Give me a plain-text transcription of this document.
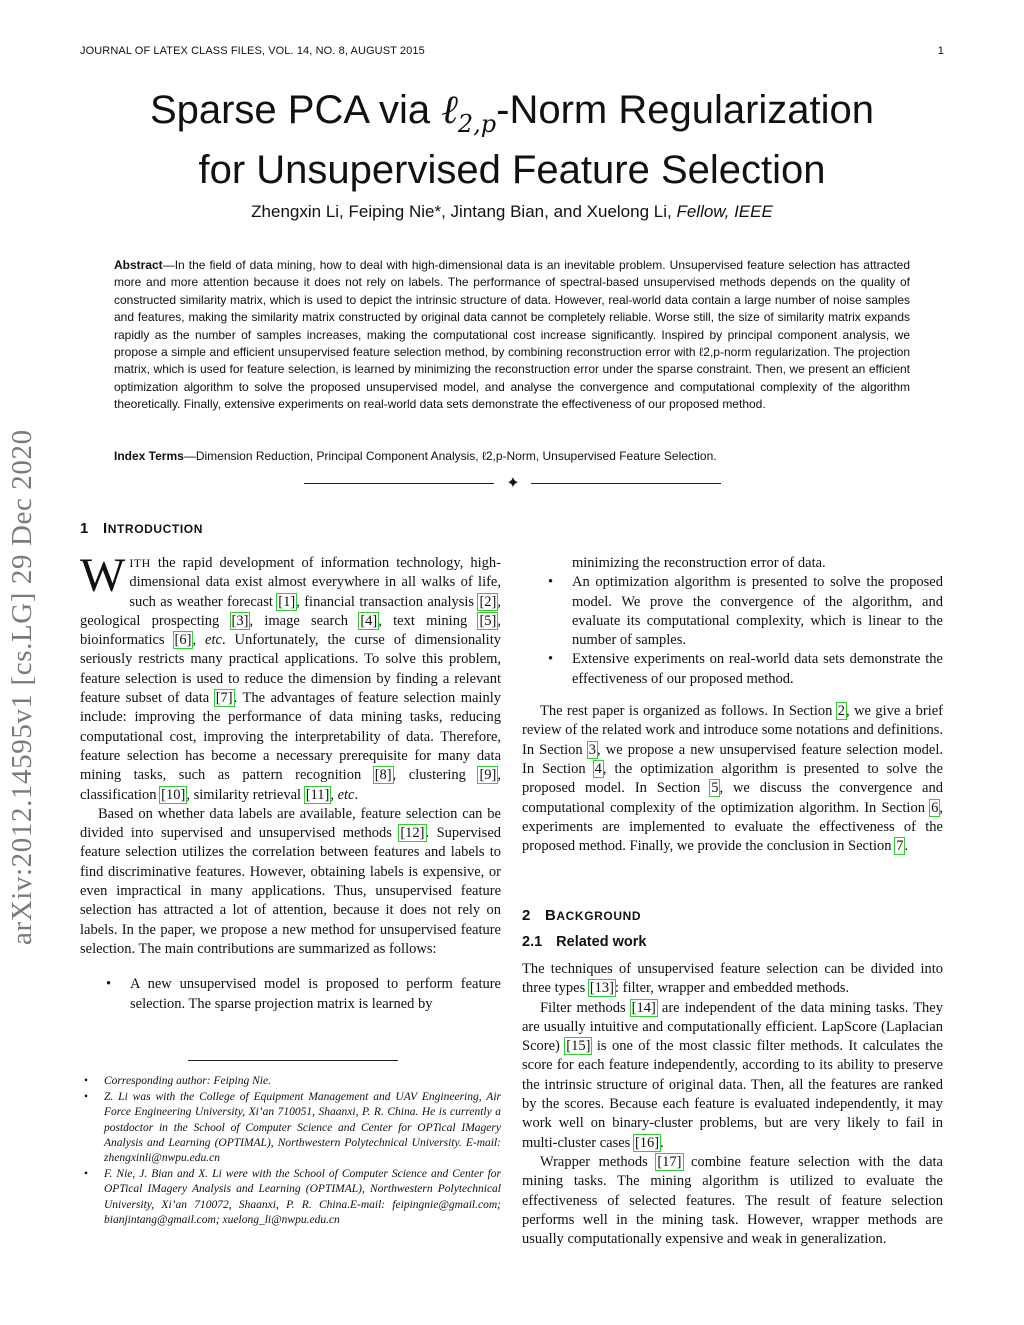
JOURNAL OF LATEX CLASS FILES, VOL. 14, NO. 8, AUGUST 2015	1
arXiv:2012.14595v1 [cs.LG] 29 Dec 2020
Sparse PCA via ℓ$_{2,p}$-Norm Regularization
for Unsupervised Feature Selection
Zhengxin Li, Feiping Nie*, Jintang Bian, and Xuelong Li, Fellow, IEEE

Abstract—In the field of data mining, how to deal with high-dimensional data is an inevitable problem. Unsupervised feature selection has attracted more and more attention because it does not rely on labels. The performance of spectral-based unsupervised methods depends on the quality of constructed similarity matrix, which is used to depict the intrinsic structure of data. However, real-world data contain a large number of noise samples and features, making the similarity matrix constructed by original data cannot be completely reliable. Worse still, the size of similarity matrix expands rapidly as the number of samples increases, making the computational cost increase significantly. Inspired by principal component analysis, we propose a simple and efficient unsupervised feature selection method, by combining reconstruction error with ℓ2,p-norm regularization. The projection matrix, which is used for feature selection, is learned by minimizing the reconstruction error under the sparse constraint. Then, we present an efficient optimization algorithm to solve the proposed unsupervised model, and analyse the convergence and computational complexity of the algorithm theoretically. Finally, extensive experiments on real-world data sets demonstrate the effectiveness of our proposed method.

Index Terms—Dimension Reduction, Principal Component Analysis, ℓ2,p-Norm, Unsupervised Feature Selection.
✦
1 INTRODUCTION

WITH the rapid development of information technology, high-dimensional data exist almost everywhere in all walks of life, such as weather forecast [1], financial transaction analysis [2], geological prospecting [3], image search [4], text mining [5], bioinformatics [6], etc. Unfortunately, the curse of dimensionality seriously restricts many practical applications. To solve this problem, feature selection is used to reduce the dimension by finding a relevant feature subset of data [7]. The advantages of feature selection mainly include: improving the performance of data mining tasks, reducing computational cost, improving the interpretability of data. Therefore, feature selection has become a necessary prerequisite for many data mining tasks, such as pattern recognition [8], clustering [9], classification [10], similarity retrieval [11], etc.

Based on whether data labels are available, feature selection can be divided into supervised and unsupervised methods [12]. Supervised feature selection utilizes the correlation between features and labels to find discriminative features. However, obtaining labels is expensive, or even impractical in many applications. Thus, unsupervised feature selection has attracted a lot of attention, because it does not rely on labels. In the paper, we propose a new method for unsupervised feature selection. The main contributions are summarized as follows:

• A new unsupervised model is proposed to perform feature selection. The sparse projection matrix is learned by
• Corresponding author: Feiping Nie.
• Z. Li was with the College of Equipment Management and UAV Engineering, Air Force Engineering University, Xi’an 710051, Shaanxi, P. R. China. He is currently a postdoctor in the School of Computer Science and Center for OPTical IMagery Analysis and Learning (OPTIMAL), Northwestern Polytechnical University. E-mail: zhengxinli@nwpu.edu.cn
• F. Nie, J. Bian and X. Li were with the School of Computer Science and Center for OPTical IMagery Analysis and Learning (OPTIMAL), Northwestern Polytechnical University, Xi’an 710072, Shaanxi, P. R. China.E-mail: feipingnie@gmail.com; bianjintang@gmail.com; xuelong_li@nwpu.edu.cn

minimizing the reconstruction error of data.

• An optimization algorithm is presented to solve the proposed model. We prove the convergence of the algorithm, and evaluate its computational complexity, which is linear to the number of samples.
• Extensive experiments on real-world data sets demonstrate the effectiveness of our proposed method.

The rest paper is organized as follows. In Section 2, we give a brief review of the related work and introduce some notations and definitions. In Section 3, we propose a new unsupervised feature selection model. In Section 4, the optimization algorithm is presented to solve the proposed model. In Section 5, we discuss the convergence and computational complexity of the optimization algorithm. In Section 6, experiments are implemented to evaluate the effectiveness of the proposed method. Finally, we provide the conclusion in Section 7.

2 BACKGROUND
2.1 Related work

The techniques of unsupervised feature selection can be divided into three types [13]: filter, wrapper and embedded methods.

Filter methods [14] are independent of the data mining tasks. They are usually intuitive and computationally efficient. LapScore (Laplacian Score) [15] is one of the most classic filter methods. It calculates the score for each feature independently, according to its ability to preserve the intrinsic structure of original data. Then, all the features are ranked by the scores. Because each feature is evaluated independently, it may work well on binary-cluster problems, but are very likely to fail in multi-cluster cases [16].

Wrapper methods [17] combine feature selection with the data mining tasks. The mining algorithm is utilized to evaluate the effectiveness of selected features. The result of feature selection performs well in the mining task. However, wrapper methods are usually computationally expensive and weak in generalization.
